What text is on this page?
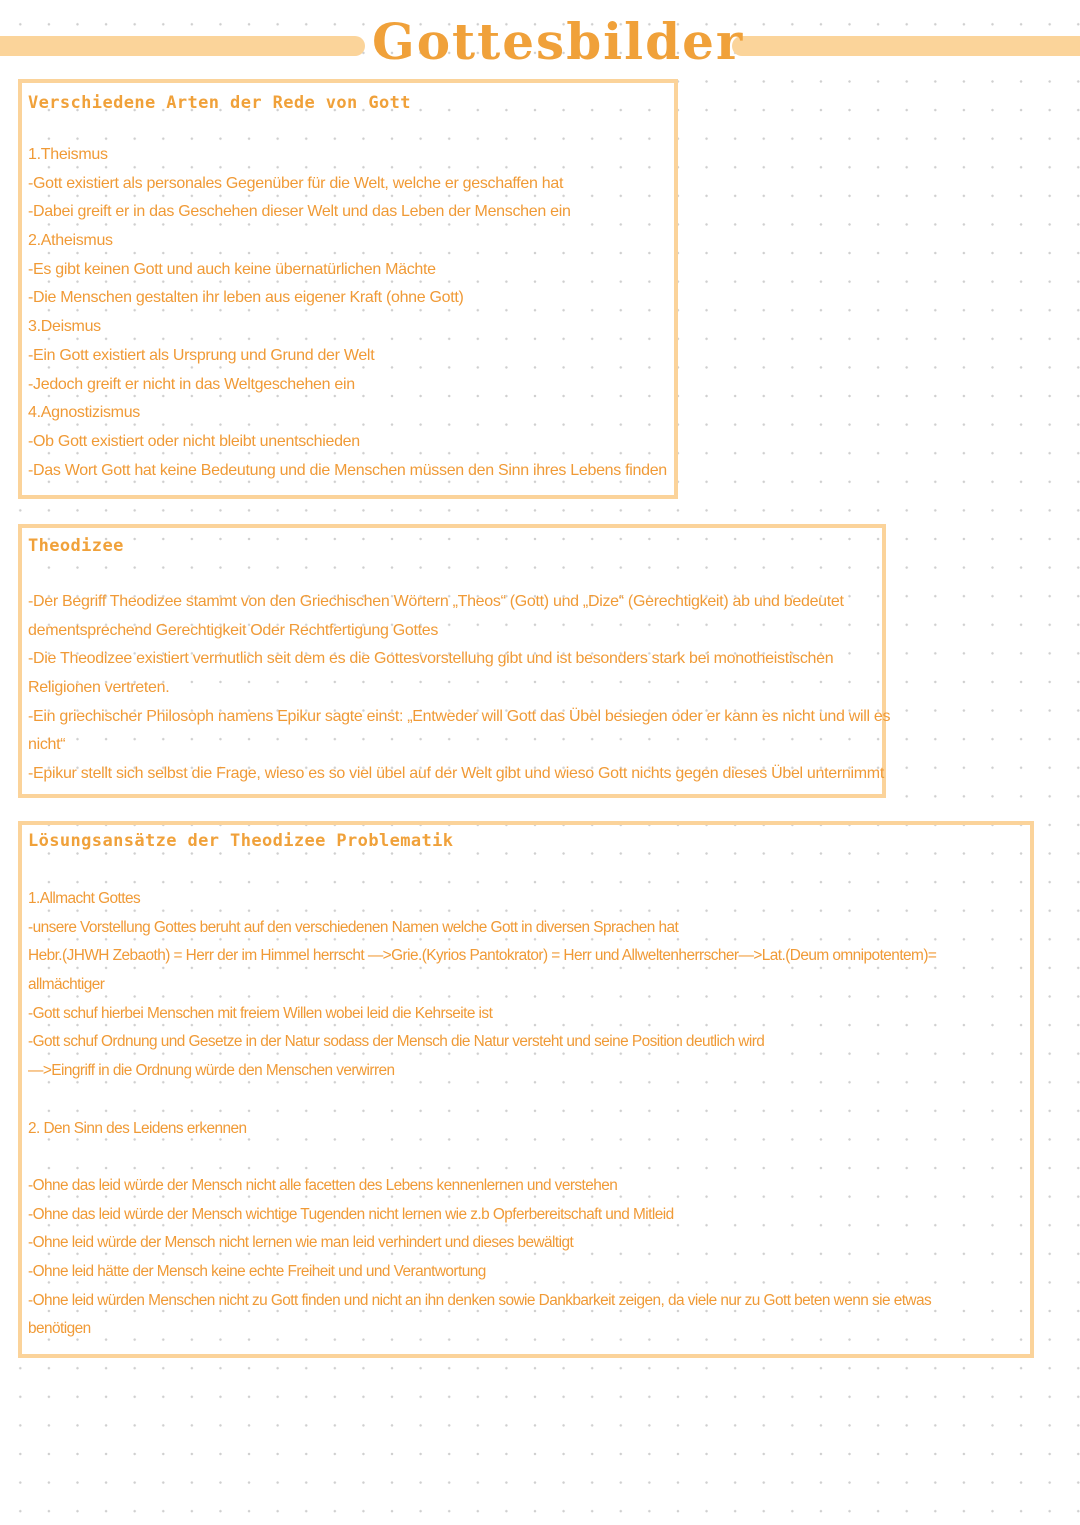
Gottesbilder
Verschiedene Arten der Rede von Gott
1.Theismus
-Gott existiert als personales Gegenüber für die Welt, welche er geschaffen hat
-Dabei greift er in das Geschehen dieser Welt und das Leben der Menschen ein
2.Atheismus
-Es gibt keinen Gott und auch keine übernatürlichen Mächte
-Die Menschen gestalten ihr leben aus eigener Kraft (ohne Gott)
3.Deismus
-Ein Gott existiert als Ursprung und Grund der Welt
-Jedoch greift er nicht in das Weltgeschehen ein
4.Agnostizismus
-Ob Gott existiert oder nicht bleibt unentschieden
-Das Wort Gott hat keine Bedeutung und die Menschen müssen den Sinn ihres Lebens finden
Theodizee
-Der Begriff Theodizee stammt von den Griechischen Wörtern „Theos“ (Gott) und „Dize“ (Gerechtigkeit) ab und bedeutet
dementsprechend Gerechtigkeit Oder Rechtfertigung Gottes
-Die Theodizee existiert vermutlich seit dem es die Gottesvorstellung gibt und ist besonders stark bei monotheistischen
Religionen vertreten.
-Ein griechischer Philosoph namens Epikur sagte einst: „Entweder will Gott das Übel besiegen oder er kann es nicht und will es
nicht“
-Epikur stellt sich selbst die Frage, wieso es so viel übel auf der Welt gibt und wieso Gott nichts gegen dieses Übel unternimmt
Lösungsansätze der Theodizee Problematik
1.Allmacht Gottes
-unsere Vorstellung Gottes beruht auf den verschiedenen Namen welche Gott in diversen Sprachen hat
Hebr.(JHWH Zebaoth) = Herr der im Himmel herrscht —>Grie.(Kyrios Pantokrator) = Herr und Allweltenherrscher—>Lat.(Deum omnipotentem)=
allmächtiger
-Gott schuf hierbei Menschen mit freiem Willen wobei leid die Kehrseite ist
-Gott schuf Ordnung und Gesetze in der Natur sodass der Mensch die Natur versteht und seine Position deutlich wird
—>Eingriff in die Ordnung würde den Menschen verwirren
2. Den Sinn des Leidens erkennen
-Ohne das leid würde der Mensch nicht alle facetten des Lebens kennenlernen und verstehen
-Ohne das leid würde der Mensch wichtige Tugenden nicht lernen wie z.b Opferbereitschaft und Mitleid
-Ohne leid würde der Mensch nicht lernen wie man leid verhindert und dieses bewältigt
-Ohne leid hätte der Mensch keine echte Freiheit und und Verantwortung
-Ohne leid würden Menschen nicht zu Gott finden und nicht an ihn denken sowie Dankbarkeit zeigen, da viele nur zu Gott beten wenn sie etwas
benötigen
